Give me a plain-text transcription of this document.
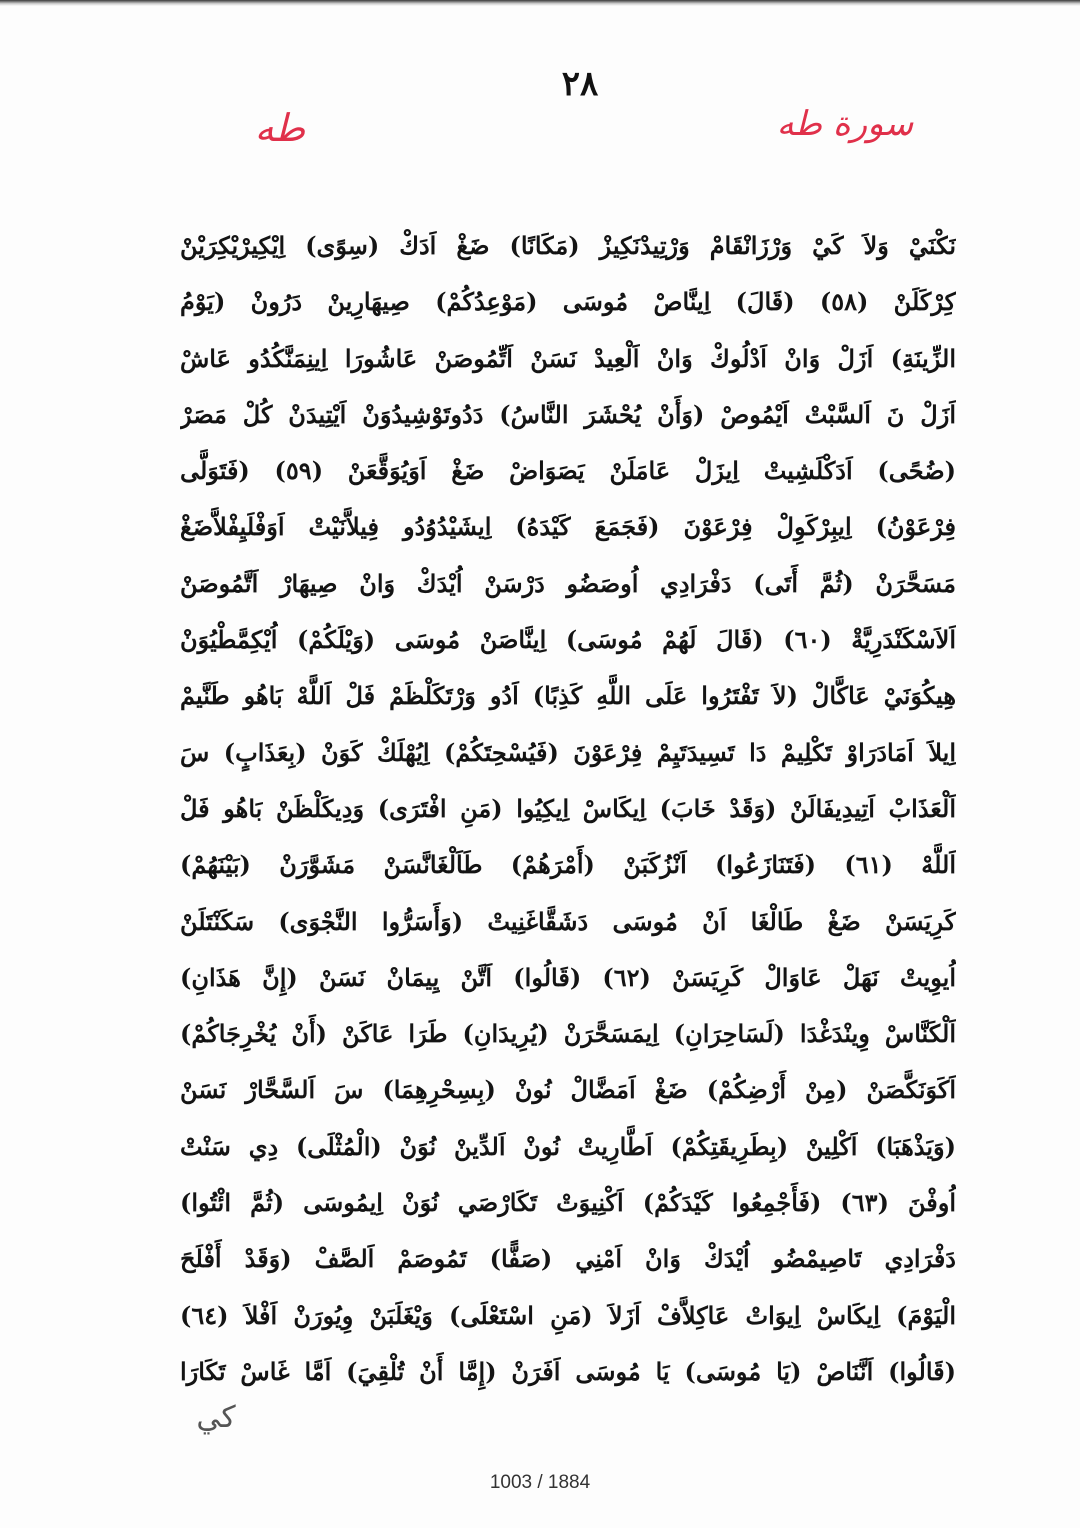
٢٨
سورة طه
طه
نَكْنَيْ وَلاَ كَيْ وَرْزَانْقَامْ وَرْتِيدْنَكِيزْ (مَكَانًا) ضَغْ اَدَكْ (سِوًى) اِيْكِيرْيْكِرَيْنْ
كِرْكَلَنْ (٥٨) (قَالَ) اِينَّاصْ مُوسَى (مَوْعِدُكُمْ) صِيهَارِينْ دَرُونْ (يَوْمُ
الزِّينَةِ) اَزَلْ وَانْ اَدْلُوكْ وَانْ اَلْعِيدْ نَسَنْ اَتِّمُوصَنْ عَاشُورَا اِينِمَنَّكُدُو عَاشْ
اَزَلْ نَ اَلسَّبْتْ اَيْمُوصْ (وَأَنْ يُحْشَرَ النَّاسُ) دَدُوتَوْشِيدُوَنْ اَيْتِيدَنْ كُلْ مَصَرْ
(ضُحًى) اَدَكْلَشِيتْ اِيزَلْ عَامَلَنْ يَصَوَاضْ ضَغْ اَوَيُوَقَّعَنْ (٥٩) (فَتَوَلَّى
فِرْعَوْنُ) اِيبِرْكَوِلْ فِرْعَوْنَ (فَجَمَعَ كَيْدَهُ) اِيشَيْدُوُدُو فِيلاَّنَيْتْ اَوَفْلَيِفْلاَّضَغْ
مَسَحَّرَنْ (ثُمَّ أَتَى) دَفْرَادِي اُوصَضُو دَرْسَنْ اُيْدَكْ وَانْ صِيهَارْ اَتَّمُوصَنْ
اَلاَسْكَنْدَرِيَّةْ (٦٠) (قَالَ لَهُمْ مُوسَى) اِينَّاصَنْ مُوسَى (وَيْلَكُمْ) اُيْكِمَّطْيُوَنْ
هِيكُوَنَيْ عَاكَّالْ (لاَ تَفْتَرُوا عَلَى اللَّهِ كَذِبًا) اَدُو وَرْتَكَلْظَمْ فَلْ اَللَّهْ بَاهُو طَنَّيمْ
اِيلاَ اَمَادَرَاوْ تَكْلِيمْ دَا تَسِيدَتَيِمْ فِرْعَوْنَ (فَيُسْحِتَكُمْ) اِيُهْلَكْ كَوَنْ (بِعَذَابٍ) سَ
اَلْعَذَابْ اَتِيدِيفَالَنْ (وَقَدْ خَابَ) اِيكَاسْ اِيكِيُوا (مَنِ افْتَرَى) وَدِيكَلْظَنْ بَاهُو فَلْ
اَللَّهْ (٦١) (فَتَنَازَعُوا) اَنْزُكَبَنْ (أَمْرَهُمْ) طَاَلْغَانَّسَنْ مَشَوَّرَنْ (بَيْنَهُمْ)
كَرِيَسَنْ ضَغْ طَالْغَا اَنْ مُوسَى دَشَقَّاغَنِيتْ (وَأَسَرُّوا النَّجْوَى) سَكَنْتَلَنْ
اُيوِيتْ نَهَلْ عَاوَالْ كَرِيَسَنْ (٦٢) (قَالُوا) اَتَّنْ يِيمَانْ نَسَنْ (إِنَّ هَذَانِ)
اَلْكَنَّاسْ وِينْدَغْدَا (لَسَاحِرَانِ) اِيمَسَحَّرَنْ (يُرِيدَانِ) طَرَا عَاكَنْ (أَنْ يُخْرِجَاكُمْ)
اَكَوَنَكَّصَنْ (مِنْ أَرْضِكُمْ) ضَغْ اَمَضَّالْ نُونْ (بِسِحْرِهِمَا) سَ اَلسَّحَّارْ نَسَنْ
(وَيَذْهَبَا) اَكْلِينْ (بِطَرِيقَتِكُمْ) اَطَّارِيتْ نُونْ اَلدِّينْ نُوَنْ (الْمُثْلَى) دِي سَنْتْ
اُوفْنَ (٦٣) (فَأَجْمِعُوا كَيْدَكُمْ) اَكْنِيوَتْ تَكَارْصَي نُوَنْ اِيمُوسَى (ثُمَّ ائْتُوا)
دَفْرَادِي تَاصِيمْضُو اُيْدَكْ وَانْ اَمْنِي (صَفًّا) تَمُوصَمْ اَلصَّفْ (وَقَدْ أَفْلَحَ
الْيَوْمَ) اِيكَاسْ اِيوَاتْ عَاكِلاَّفْ اَزَلاَ (مَنِ اسْتَعْلَى) وَيْغَلَبَنْ وِيُورَنْ اَفْلاَ (٦٤)
(قَالُوا) اَنَّنَاصْ (يَا مُوسَى) يَا مُوسَى اَفَرَنْ (إِمَّا أَنْ تُلْقِيَ) اَمَّا غَاسْ تَكَارَا
كي
1003 / 1884
